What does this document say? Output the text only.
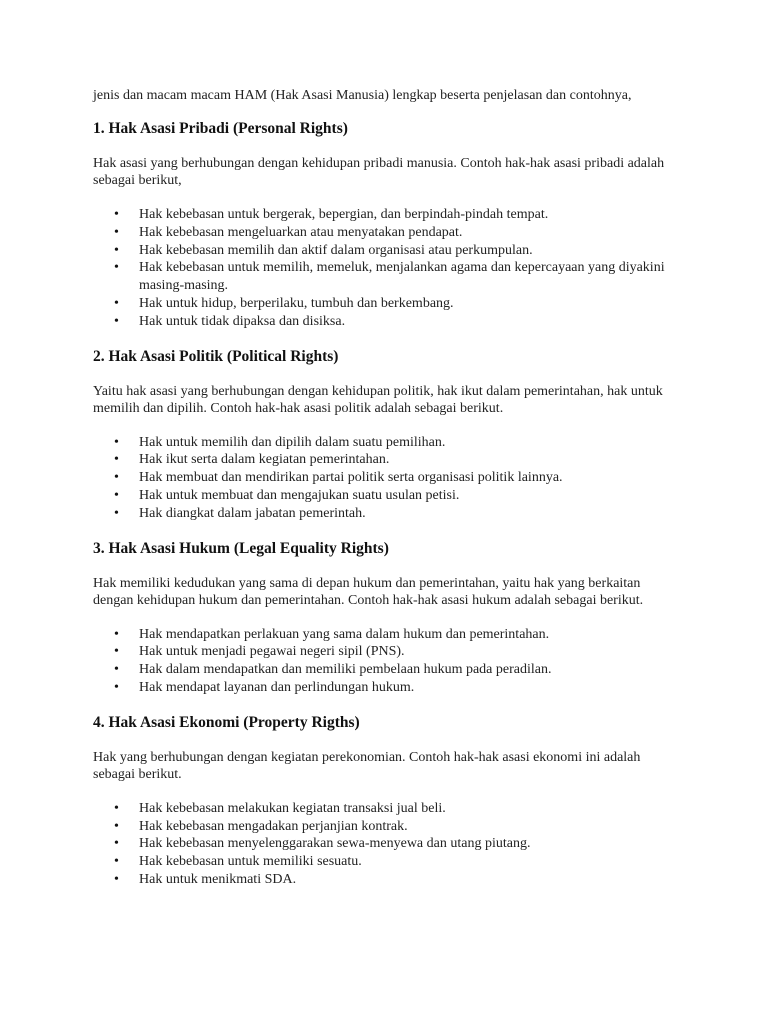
jenis dan macam macam HAM (Hak Asasi Manusia) lengkap beserta penjelasan dan contohnya,

1. Hak Asasi Pribadi (Personal Rights)

Hak asasi yang berhubungan dengan kehidupan pribadi manusia. Contoh hak-hak asasi pribadi adalah sebagai berikut,

• Hak kebebasan untuk bergerak, bepergian, dan berpindah-pindah tempat.
• Hak kebebasan mengeluarkan atau menyatakan pendapat.
• Hak kebebasan memilih dan aktif dalam organisasi atau perkumpulan.
• Hak kebebasan untuk memilih, memeluk, menjalankan agama dan kepercayaan yang diyakini masing-masing.
• Hak untuk hidup, berperilaku, tumbuh dan berkembang.
• Hak untuk tidak dipaksa dan disiksa.
2. Hak Asasi Politik (Political Rights)

Yaitu hak asasi yang berhubungan dengan kehidupan politik, hak ikut dalam pemerintahan, hak untuk memilih dan dipilih. Contoh hak-hak asasi politik adalah sebagai berikut.

• Hak untuk memilih dan dipilih dalam suatu pemilihan.
• Hak ikut serta dalam kegiatan pemerintahan.
• Hak membuat dan mendirikan partai politik serta organisasi politik lainnya.
• Hak untuk membuat dan mengajukan suatu usulan petisi.
• Hak diangkat dalam jabatan pemerintah.
3. Hak Asasi Hukum (Legal Equality Rights)

Hak memiliki kedudukan yang sama di depan hukum dan pemerintahan, yaitu hak yang berkaitan dengan kehidupan hukum dan pemerintahan. Contoh hak-hak asasi hukum adalah sebagai berikut.

• Hak mendapatkan perlakuan yang sama dalam hukum dan pemerintahan.
• Hak untuk menjadi pegawai negeri sipil (PNS).
• Hak dalam mendapatkan dan memiliki pembelaan hukum pada peradilan.
• Hak mendapat layanan dan perlindungan hukum.
4. Hak Asasi Ekonomi (Property Rigths)

Hak yang berhubungan dengan kegiatan perekonomian. Contoh hak-hak asasi ekonomi ini adalah sebagai berikut.

• Hak kebebasan melakukan kegiatan transaksi jual beli.
• Hak kebebasan mengadakan perjanjian kontrak.
• Hak kebebasan menyelenggarakan sewa-menyewa dan utang piutang.
• Hak kebebasan untuk memiliki sesuatu.
• Hak untuk menikmati SDA.
